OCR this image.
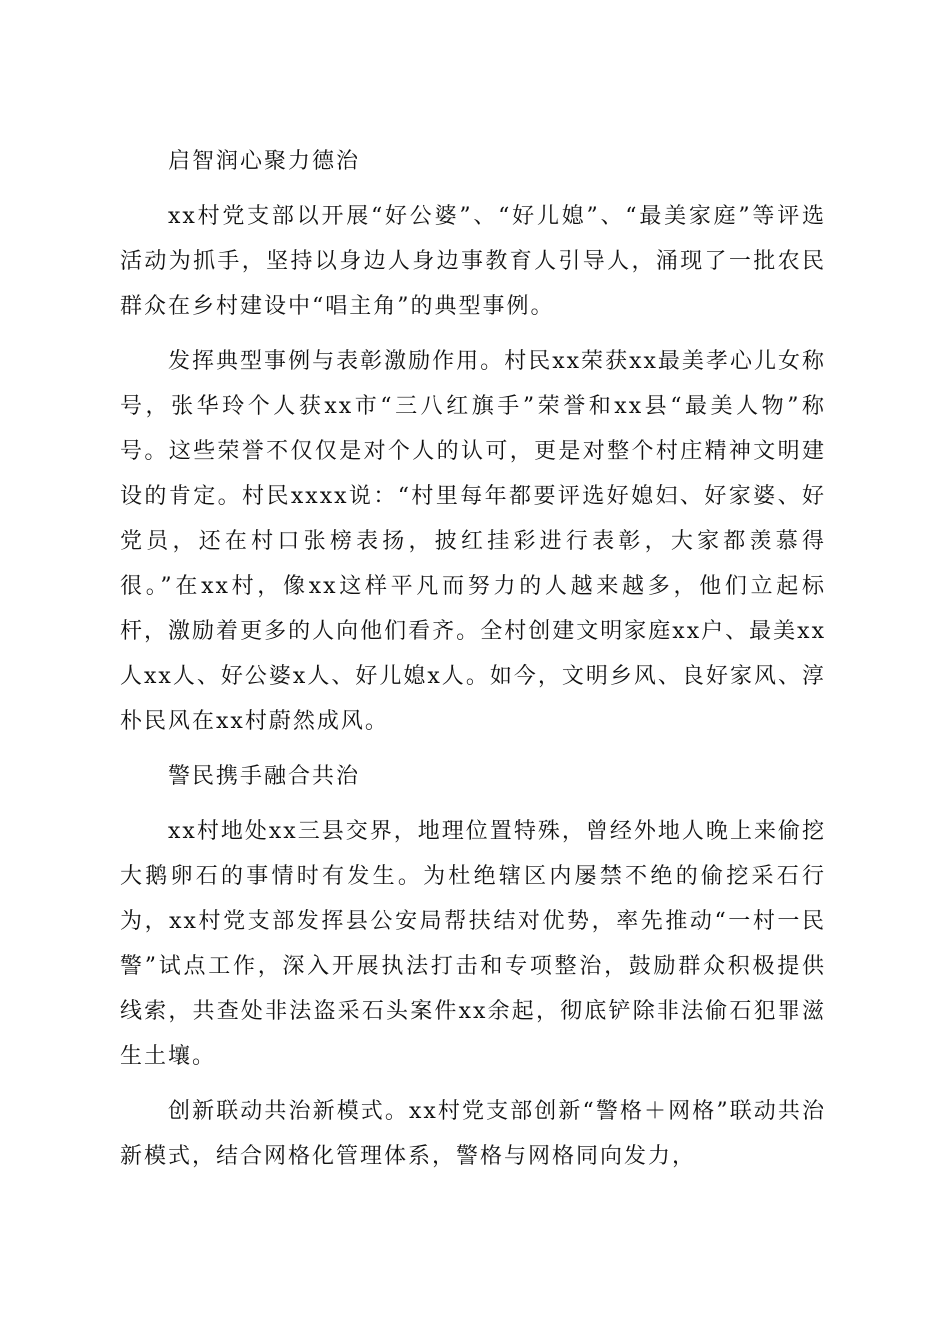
启智润心聚力德治

xx村党支部以开展“好公婆”、“好儿媳”、“最美家庭”等评选活动为抓手，坚持以身边人身边事教育人引导人，涌现了一批农民群众在乡村建设中“唱主角”的典型事例。

发挥典型事例与表彰激励作用。村民xx荣获xx最美孝心儿女称号，张华玲个人获xx市“三八红旗手”荣誉和xx县“最美人物”称号。这些荣誉不仅仅是对个人的认可，更是对整个村庄精神文明建设的肯定。村民xxxx说：“村里每年都要评选好媳妇、好家婆、好党员，还在村口张榜表扬，披红挂彩进行表彰，大家都羡慕得很。”在xx村，像xx这样平凡而努力的人越来越多，他们立起标杆，激励着更多的人向他们看齐。全村创建文明家庭xx户、最美xx人xx人、好公婆x人、好儿媳x人。如今，文明乡风、良好家风、淳朴民风在xx村蔚然成风。

警民携手融合共治

xx村地处xx三县交界，地理位置特殊，曾经外地人晚上来偷挖大鹅卵石的事情时有发生。为杜绝辖区内屡禁不绝的偷挖采石行为，xx村党支部发挥县公安局帮扶结对优势，率先推动“一村一民警”试点工作，深入开展执法打击和专项整治，鼓励群众积极提供线索，共查处非法盗采石头案件xx余起，彻底铲除非法偷石犯罪滋生土壤。

创新联动共治新模式。xx村党支部创新“警格＋网格”联动共治新模式，结合网格化管理体系，警格与网格同向发力，
